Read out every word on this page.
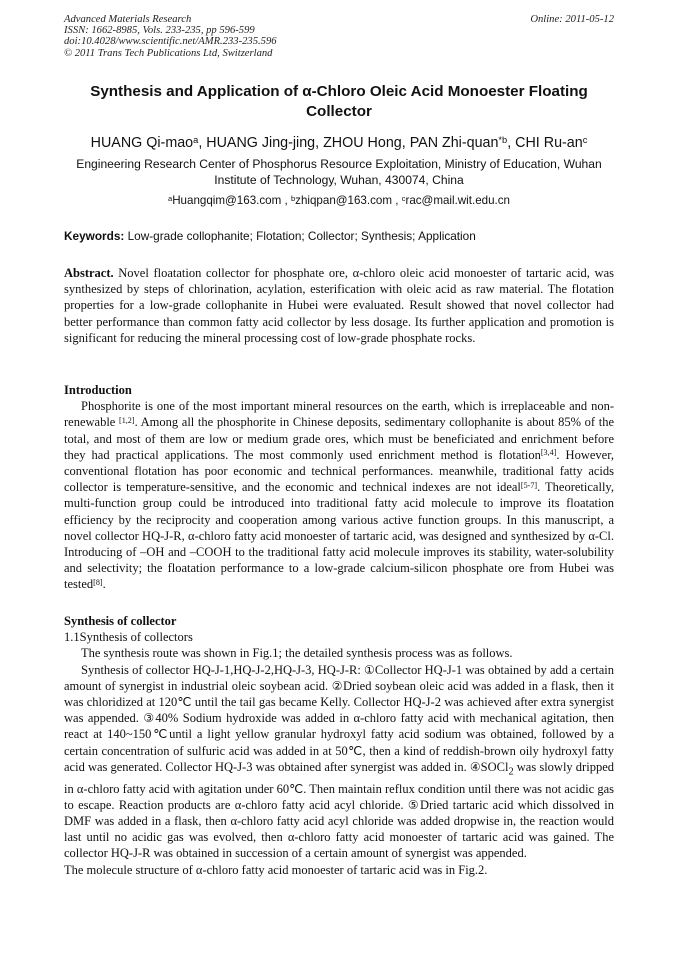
Advanced Materials Research
ISSN: 1662-8985, Vols. 233-235, pp 596-599
doi:10.4028/www.scientific.net/AMR.233-235.596
© 2011 Trans Tech Publications Ltd, Switzerland
Online: 2011-05-12
Synthesis and Application of α-Chloro Oleic Acid Monoester Floating Collector
HUANG Qi-mao$^a$, HUANG Jing-jing, ZHOU Hong, PAN Zhi-quan$^{*b}$, CHI $Ru-an^c$
Engineering Research Center of Phosphorus Resource Exploitation, Ministry of Education, Wuhan Institute of Technology, Wuhan, 430074, China
$^a$Huangqim@163.com , $^b$zhiqpan@163.com , $^c$rac@mail.wit.edu.cn
Keywords: Low-grade collophanite; Flotation; Collector; Synthesis; Application

Abstract. Novel floatation collector for phosphate ore, α-chloro oleic acid monoester of tartaric acid, was synthesized by steps of chlorination, acylation, esterification with oleic acid as raw material. The flotation properties for a low-grade collophanite in Hubei were evaluated. Result showed that novel collector had better performance than common fatty acid collector by less dosage. Its further application and promotion is significant for reducing the mineral processing cost of low-grade phosphate rocks.

Introduction

Phosphorite is one of the most important mineral resources on the earth, which is irreplaceable and non-renewable [1,2]. Among all the phosphorite in Chinese deposits, sedimentary collophanite is about 85% of the total, and most of them are low or medium grade ores, which must be beneficiated and enrichment before they had practical applications. The most commonly used enrichment method is flotation[3,4]. However, conventional flotation has poor economic and technical performances. meanwhile, traditional fatty acids collector is temperature-sensitive, and the economic and technical indexes are not ideal[5-7]. Theoretically, multi-function group could be introduced into traditional fatty acid molecule to improve its floatation efficiency by the reciprocity and cooperation among various active function groups. In this manuscript, a novel collector HQ-J-R, α-chloro fatty acid monoester of tartaric acid, was designed and synthesized by α-Cl. Introducing of –OH and –COOH to the traditional fatty acid molecule improves its stability, water-solubility and selectivity; the floatation performance to a low-grade calcium-silicon phosphate ore from Hubei was tested[8].

Synthesis of collector
1.1Synthesis of collectors

The synthesis route was shown in Fig.1; the detailed synthesis process was as follows.

Synthesis of collector HQ-J-1,HQ-J-2,HQ-J-3, HQ-J-R: ①Collector HQ-J-1 was obtained by add a certain amount of synergist in industrial oleic soybean acid. ②Dried soybean oleic acid was added in a flask, then it was chloridized at 120℃ until the tail gas became Kelly. Collector HQ-J-2 was achieved after extra synergist was appended. ③40% Sodium hydroxide was added in α-chloro fatty acid with mechanical agitation, then react at 140~150℃until a light yellow granular hydroxyl fatty acid sodium was obtained, followed by a certain concentration of sulfuric acid was added in at 50℃, then a kind of reddish-brown oily hydroxyl fatty acid was generated. Collector HQ-J-3 was obtained after synergist was added in. ④SOCl$_2$ was slowly dripped in α-chloro fatty acid with agitation under 60℃. Then maintain reflux condition until there was not acidic gas to escape. Reaction products are α-chloro fatty acid acyl chloride. ⑤Dried tartaric acid which dissolved in DMF was added in a flask, then α-chloro fatty acid acyl chloride was added dropwise in, the reaction would last until no acidic gas was evolved, then α-chloro fatty acid monoester of tartaric acid was gained. The collector HQ-J-R was obtained in succession of a certain amount of synergist was appended.

The molecule structure of α-chloro fatty acid monoester of tartaric acid was in Fig.2.
